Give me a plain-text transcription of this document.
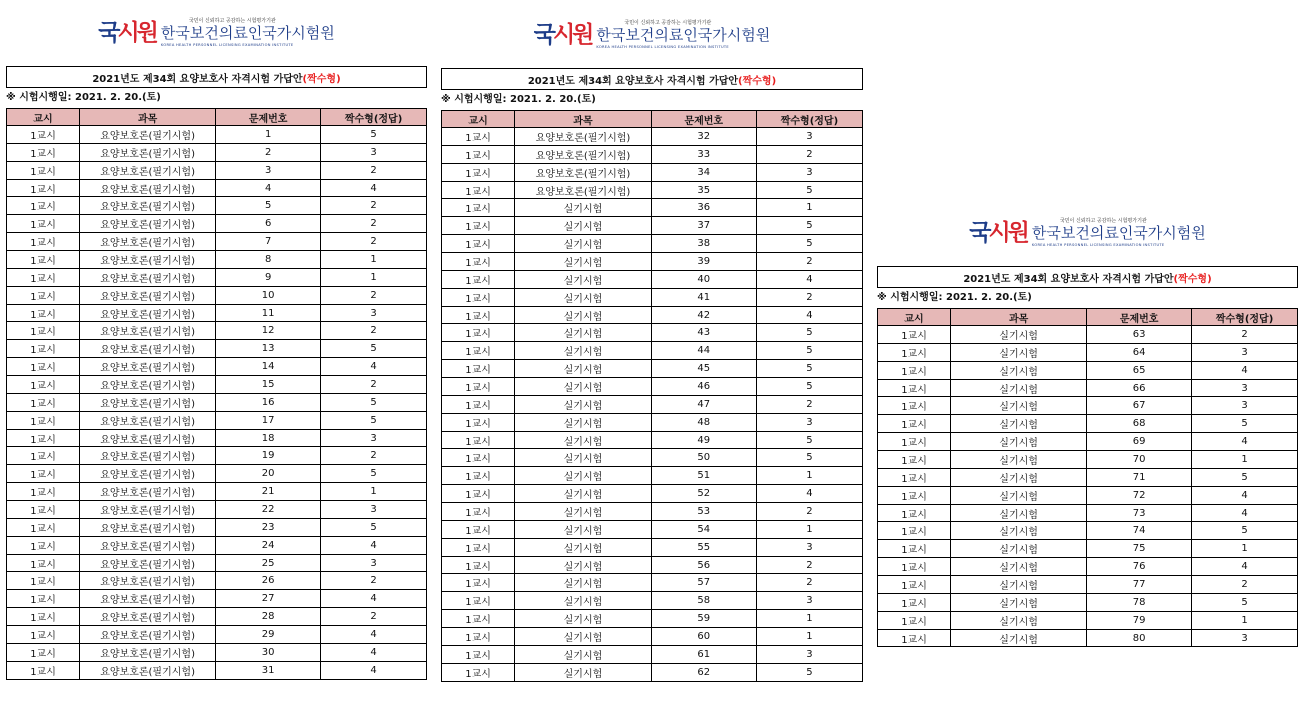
국시원	국민이 신뢰하고 공감하는 시험평가기관
한국보건의료인국가시험원
KOREA HEALTH PERSONNEL LICENSING EXAMINATION INSTITUTE
2021년도 제34회 요양보호사 자격시험 가답안 (짝수형)
※ 시험시행일: 2021. 2. 20.(토)
교시	과목	문제번호	짝수형(정답)
1교시	요양보호론(필기시험)	1	5
1교시	요양보호론(필기시험)	2	3
1교시	요양보호론(필기시험)	3	2
1교시	요양보호론(필기시험)	4	4
1교시	요양보호론(필기시험)	5	2
1교시	요양보호론(필기시험)	6	2
1교시	요양보호론(필기시험)	7	2
1교시	요양보호론(필기시험)	8	1
1교시	요양보호론(필기시험)	9	1
1교시	요양보호론(필기시험)	10	2
1교시	요양보호론(필기시험)	11	3
1교시	요양보호론(필기시험)	12	2
1교시	요양보호론(필기시험)	13	5
1교시	요양보호론(필기시험)	14	4
1교시	요양보호론(필기시험)	15	2
1교시	요양보호론(필기시험)	16	5
1교시	요양보호론(필기시험)	17	5
1교시	요양보호론(필기시험)	18	3
1교시	요양보호론(필기시험)	19	2
1교시	요양보호론(필기시험)	20	5
1교시	요양보호론(필기시험)	21	1
1교시	요양보호론(필기시험)	22	3
1교시	요양보호론(필기시험)	23	5
1교시	요양보호론(필기시험)	24	4
1교시	요양보호론(필기시험)	25	3
1교시	요양보호론(필기시험)	26	2
1교시	요양보호론(필기시험)	27	4
1교시	요양보호론(필기시험)	28	2
1교시	요양보호론(필기시험)	29	4
1교시	요양보호론(필기시험)	30	4
1교시	요양보호론(필기시험)	31	4
국시원	국민이 신뢰하고 공감하는 시험평가기관
한국보건의료인국가시험원
KOREA HEALTH PERSONNEL LICENSING EXAMINATION INSTITUTE
2021년도 제34회 요양보호사 자격시험 가답안 (짝수형)
※ 시험시행일: 2021. 2. 20.(토)
교시	과목	문제번호	짝수형(정답)
1교시	요양보호론(필기시험)	32	3
1교시	요양보호론(필기시험)	33	2
1교시	요양보호론(필기시험)	34	3
1교시	요양보호론(필기시험)	35	5
1교시	실기시험	36	1
1교시	실기시험	37	5
1교시	실기시험	38	5
1교시	실기시험	39	2
1교시	실기시험	40	4
1교시	실기시험	41	2
1교시	실기시험	42	4
1교시	실기시험	43	5
1교시	실기시험	44	5
1교시	실기시험	45	5
1교시	실기시험	46	5
1교시	실기시험	47	2
1교시	실기시험	48	3
1교시	실기시험	49	5
1교시	실기시험	50	5
1교시	실기시험	51	1
1교시	실기시험	52	4
1교시	실기시험	53	2
1교시	실기시험	54	1
1교시	실기시험	55	3
1교시	실기시험	56	2
1교시	실기시험	57	2
1교시	실기시험	58	3
1교시	실기시험	59	1
1교시	실기시험	60	1
1교시	실기시험	61	3
1교시	실기시험	62	5
국시원	국민이 신뢰하고 공감하는 시험평가기관
한국보건의료인국가시험원
KOREA HEALTH PERSONNEL LICENSING EXAMINATION INSTITUTE
2021년도 제34회 요양보호사 자격시험 가답안 (짝수형)
※ 시험시행일: 2021. 2. 20.(토)
교시	과목	문제번호	짝수형(정답)
1교시	실기시험	63	2
1교시	실기시험	64	3
1교시	실기시험	65	4
1교시	실기시험	66	3
1교시	실기시험	67	3
1교시	실기시험	68	5
1교시	실기시험	69	4
1교시	실기시험	70	1
1교시	실기시험	71	5
1교시	실기시험	72	4
1교시	실기시험	73	4
1교시	실기시험	74	5
1교시	실기시험	75	1
1교시	실기시험	76	4
1교시	실기시험	77	2
1교시	실기시험	78	5
1교시	실기시험	79	1
1교시	실기시험	80	3
